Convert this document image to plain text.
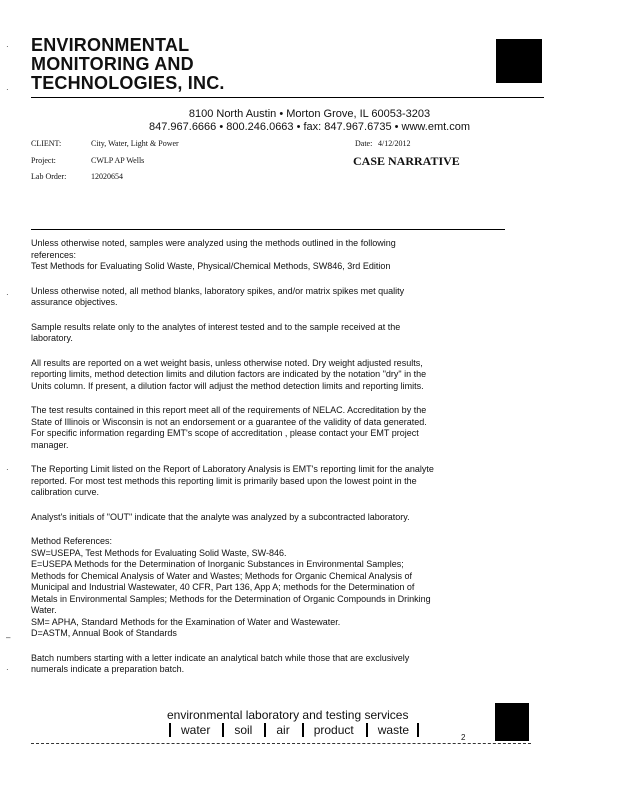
ENVIRONMENTAL
MONITORING AND
TECHNOLOGIES, INC.
8100 North Austin • Morton Grove, IL 60053-3203
847.967.6666 • 800.246.0663 • fax: 847.967.6735 • www.emt.com
CLIENT:	City, Water, Light & Power	Date: 4/12/2012
Project:	CWLP AP Wells	CASE NARRATIVE
Lab Order:	12020654

Unless otherwise noted, samples were analyzed using the methods outlined in the following
references:
Test Methods for Evaluating Solid Waste, Physical/Chemical Methods, SW846, 3rd Edition

Unless otherwise noted, all method blanks, laboratory spikes, and/or matrix spikes met quality
assurance objectives.

Sample results relate only to the analytes of interest tested and to the sample received at the
laboratory.

All results are reported on a wet weight basis, unless otherwise noted. Dry weight adjusted results,
reporting limits, method detection limits and dilution factors are indicated by the notation "dry" in the
Units column. If present, a dilution factor will adjust the method detection limits and reporting limits.

The test results contained in this report meet all of the requirements of NELAC. Accreditation by the
State of Illinois or Wisconsin is not an endorsement or a guarantee of the validity of data generated.
For specific information regarding EMT's scope of accreditation , please contact your EMT project
manager.

The Reporting Limit listed on the Report of Laboratory Analysis is EMT's reporting limit for the analyte
reported. For most test methods this reporting limit is primarily based upon the lowest point in the
calibration curve.

Analyst's initials of "OUT" indicate that the analyte was analyzed by a subcontracted laboratory.

Method References:
SW=USEPA, Test Methods for Evaluating Solid Waste, SW-846.
E=USEPA Methods for the Determination of Inorganic Substances in Environmental Samples;
Methods for Chemical Analysis of Water and Wastes; Methods for Organic Chemical Analysis of
Municipal and Industrial Wastewater, 40 CFR, Part 136, App A; methods for the Determination of
Metals in Environmental Samples; Methods for the Determination of Organic Compounds in Drinking
Water.
SM= APHA, Standard Methods for the Examination of Water and Wastewater.
D=ASTM, Annual Book of Standards

Batch numbers starting with a letter indicate an analytical batch while those that are exclusively
numerals indicate a preparation batch.

environmental laboratory and testing services
water	soil	air	product	waste
2
·
·
·
·
–
·
